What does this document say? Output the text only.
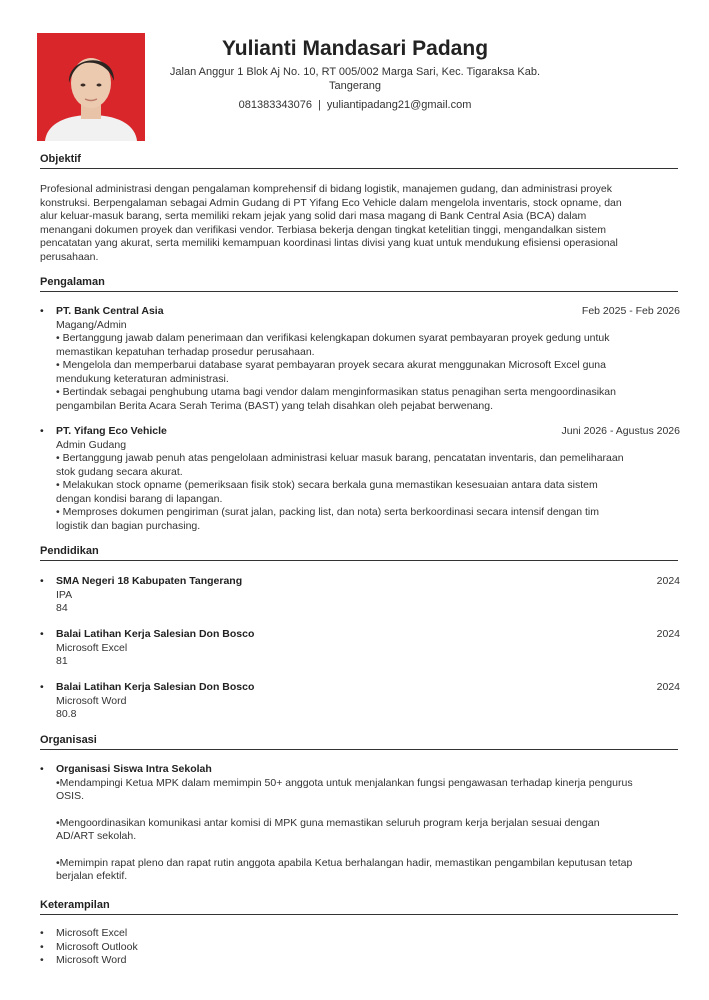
Yulianti Mandasari Padang
Jalan Anggur 1 Blok Aj No. 10, RT 005/002 Marga Sari, Kec. Tigaraksa Kab.
Tangerang
081383343076 | yuliantipadang21@gmail.com
Objektif
Profesional administrasi dengan pengalaman komprehensif di bidang logistik, manajemen gudang, dan administrasi proyek
konstruksi. Berpengalaman sebagai Admin Gudang di PT Yifang Eco Vehicle dalam mengelola inventaris, stock opname, dan
alur keluar-masuk barang, serta memiliki rekam jejak yang solid dari masa magang di Bank Central Asia (BCA) dalam
menangani dokumen proyek dan verifikasi vendor. Terbiasa bekerja dengan tingkat ketelitian tinggi, mengandalkan sistem
pencatatan yang akurat, serta memiliki kemampuan koordinasi lintas divisi yang kuat untuk mendukung efisiensi operasional
perusahaan.
Pengalaman
• PT. Bank Central Asia	Feb 2025 - Feb 2026
Magang/Admin
• Bertanggung jawab dalam penerimaan dan verifikasi kelengkapan dokumen syarat pembayaran proyek gedung untuk
memastikan kepatuhan terhadap prosedur perusahaan.
• Mengelola dan memperbarui database syarat pembayaran proyek secara akurat menggunakan Microsoft Excel guna
mendukung keteraturan administrasi.
• Bertindak sebagai penghubung utama bagi vendor dalam menginformasikan status penagihan serta mengoordinasikan
pengambilan Berita Acara Serah Terima (BAST) yang telah disahkan oleh pejabat berwenang.
• PT. Yifang Eco Vehicle	Juni 2026 - Agustus 2026
Admin Gudang
• Bertanggung jawab penuh atas pengelolaan administrasi keluar masuk barang, pencatatan inventaris, dan pemeliharaan
stok gudang secara akurat.
• Melakukan stock opname (pemeriksaan fisik stok) secara berkala guna memastikan kesesuaian antara data sistem
dengan kondisi barang di lapangan.
• Memproses dokumen pengiriman (surat jalan, packing list, dan nota) serta berkoordinasi secara intensif dengan tim
logistik dan bagian purchasing.
Pendidikan
• SMA Negeri 18 Kabupaten Tangerang	2024
IPA
84
• Balai Latihan Kerja Salesian Don Bosco	2024
Microsoft Excel
81
• Balai Latihan Kerja Salesian Don Bosco	2024
Microsoft Word
80.8
Organisasi
• Organisasi Siswa Intra Sekolah
•Mendampingi Ketua MPK dalam memimpin 50+ anggota untuk menjalankan fungsi pengawasan terhadap kinerja pengurus
OSIS.
•Mengoordinasikan komunikasi antar komisi di MPK guna memastikan seluruh program kerja berjalan sesuai dengan
AD/ART sekolah.
•Memimpin rapat pleno dan rapat rutin anggota apabila Ketua berhalangan hadir, memastikan pengambilan keputusan tetap
berjalan efektif.
Keterampilan
• Microsoft Excel
• Microsoft Outlook
• Microsoft Word
